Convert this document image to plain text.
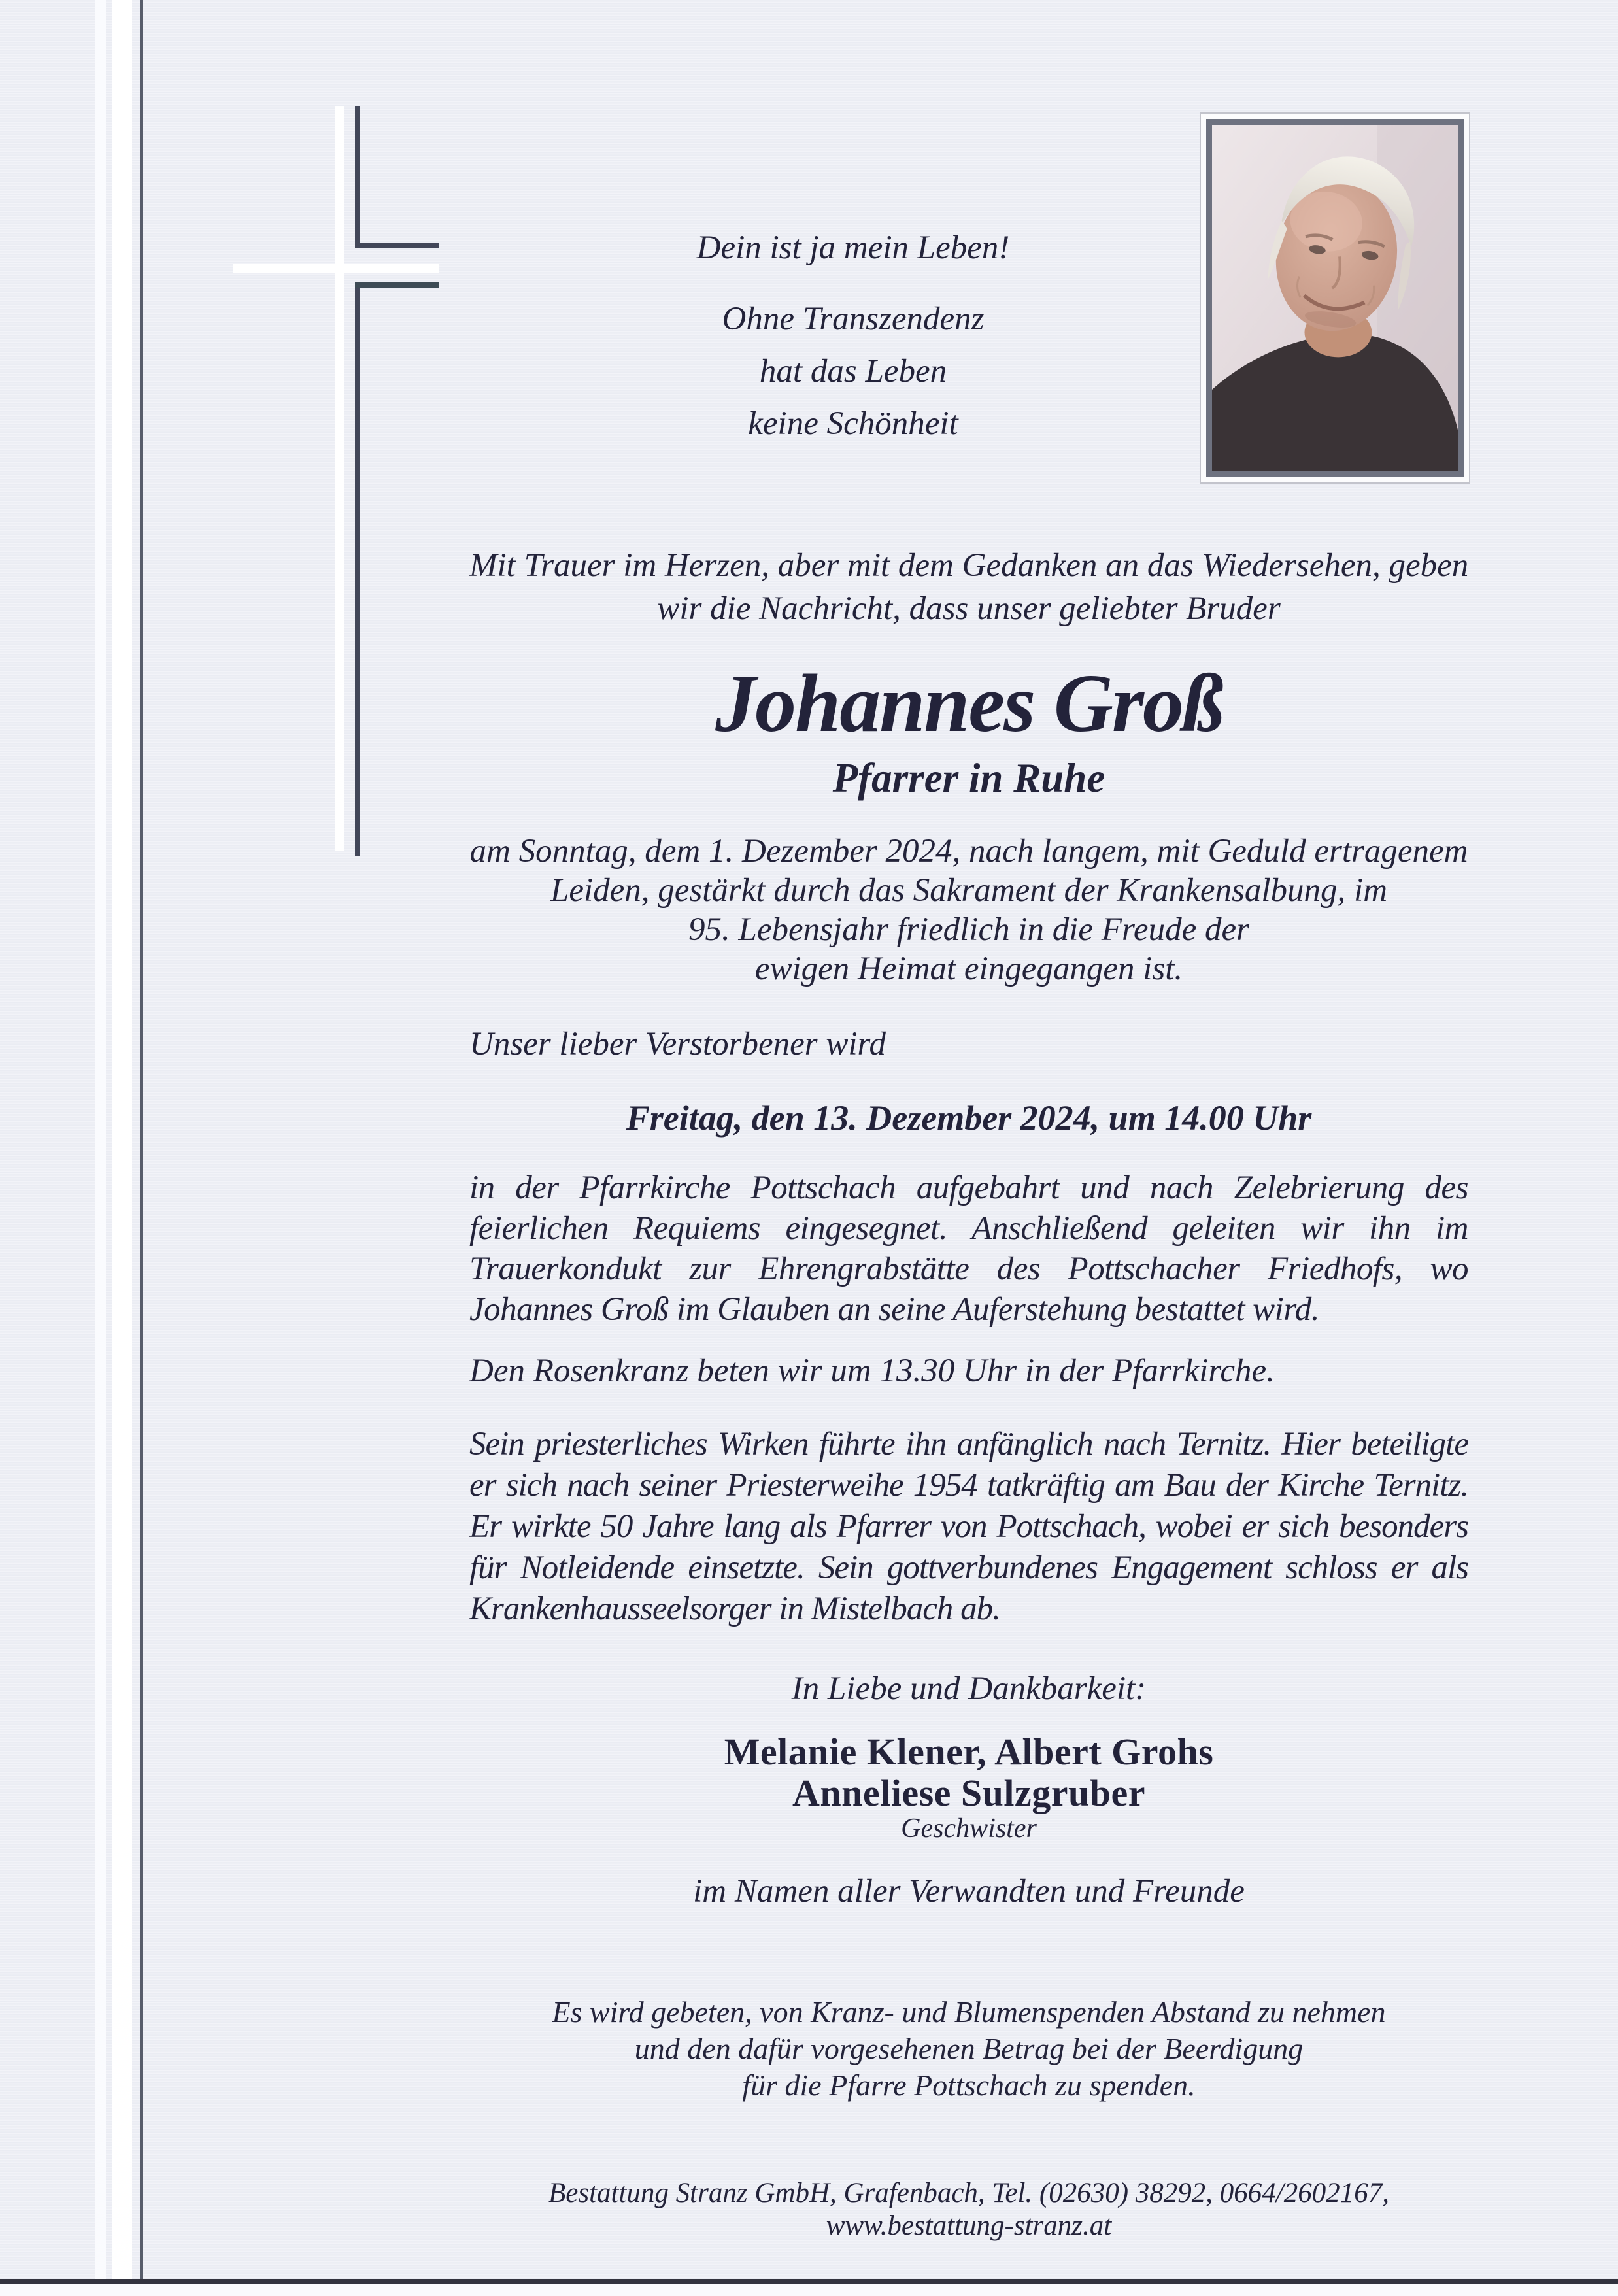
Dein ist ja mein Leben!
Ohne Transzendenz
hat das Leben
keine Schönheit
Mit Trauer im Herzen, aber mit dem Gedanken an das Wiedersehen, geben
wir die Nachricht, dass unser geliebter Bruder
Johannes Groß
Pfarrer in Ruhe
am Sonntag, dem 1. Dezember 2024, nach langem, mit Geduld ertragenem
Leiden, gestärkt durch das Sakrament der Krankensalbung, im
95. Lebensjahr friedlich in die Freude der
ewigen Heimat eingegangen ist.
Unser lieber Verstorbener wird
Freitag, den 13. Dezember 2024, um 14.00 Uhr
in der Pfarrkirche Pottschach aufgebahrt und nach Zelebrierung des feierlichen Requiems eingesegnet. Anschließend geleiten wir ihn im Trauerkondukt zur Ehrengrabstätte des Pottschacher Friedhofs, wo Johannes Groß im Glauben an seine Auferstehung bestattet wird.
Den Rosenkranz beten wir um 13.30 Uhr in der Pfarrkirche.
Sein priesterliches Wirken führte ihn anfänglich nach Ternitz. Hier beteiligte er sich nach seiner Priesterweihe 1954 tatkräftig am Bau der Kirche Ternitz. Er wirkte 50 Jahre lang als Pfarrer von Pottschach, wobei er sich besonders für Notleidende einsetzte. Sein gottverbundenes Engagement schloss er als Krankenhausseelsorger in Mistelbach ab.
In Liebe und Dankbarkeit:
Melanie Klener, Albert Grohs
Anneliese Sulzgruber
Geschwister
im Namen aller Verwandten und Freunde
Es wird gebeten, von Kranz- und Blumenspenden Abstand zu nehmen
und den dafür vorgesehenen Betrag bei der Beerdigung
für die Pfarre Pottschach zu spenden.
Bestattung Stranz GmbH, Grafenbach, Tel. (02630) 38292, 0664/2602167,
www.bestattung-stranz.at
